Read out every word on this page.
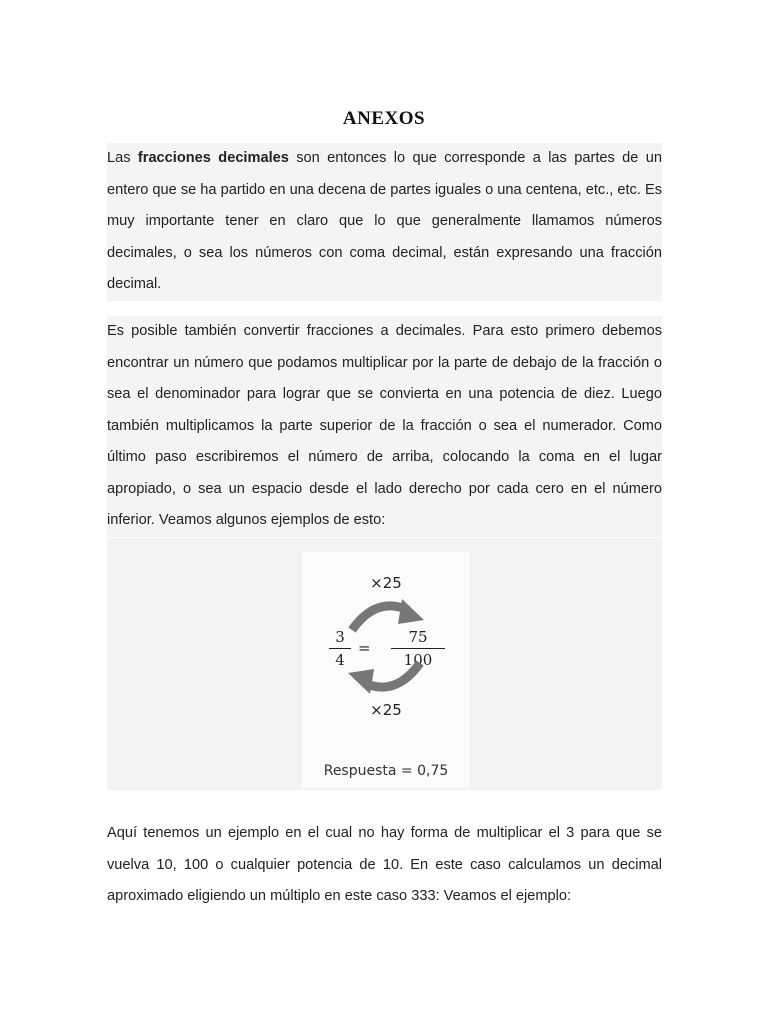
ANEXOS

Las fracciones decimales son entonces lo que corresponde a las partes de un entero que se ha partido en una decena de partes iguales o una centena, etc., etc. Es muy importante tener en claro que lo que generalmente llamamos números decimales, o sea los números con coma decimal, están expresando una fracción decimal.

Es posible también convertir fracciones a decimales. Para esto primero debemos encontrar un número que podamos multiplicar por la parte de debajo de la fracción o sea el denominador para lograr que se convierta en una potencia de diez. Luego también multiplicamos la parte superior de la fracción o sea el numerador. Como último paso escribiremos el número de arriba, colocando la coma en el lugar apropiado, o sea un espacio desde el lado derecho por cada cero en el número inferior. Veamos algunos ejemplos de esto:

×25
$\frac{3}{4} = \frac{75}{100}$
×25
Respuesta = 0,75

Aquí tenemos un ejemplo en el cual no hay forma de multiplicar el 3 para que se vuelva 10, 100 o cualquier potencia de 10. En este caso calculamos un decimal aproximado eligiendo un múltiplo en este caso 333: Veamos el ejemplo:
